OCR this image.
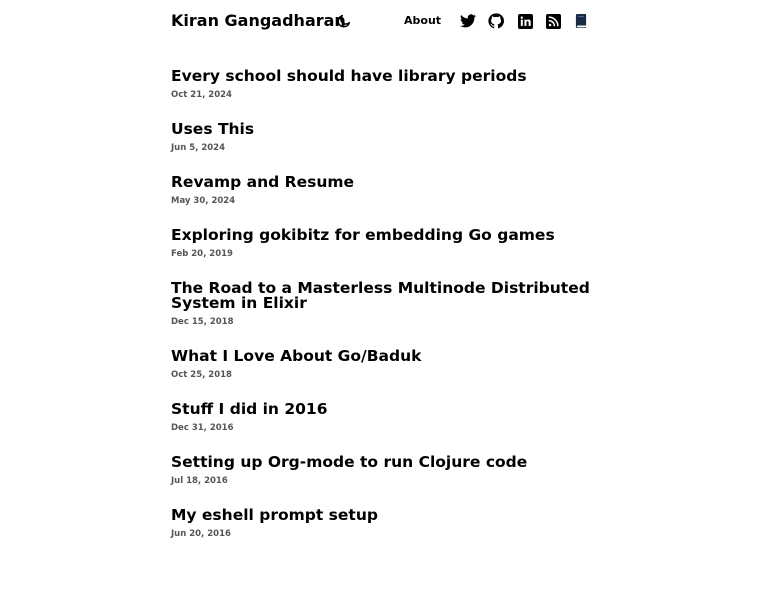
Kiran Gangadharan	About
Every school should have library periods
Oct 21, 2024
Uses This
Jun 5, 2024
Revamp and Resume
May 30, 2024
Exploring gokibitz for embedding Go games
Feb 20, 2019
The Road to a Masterless Multinode Distributed System in Elixir
Dec 15, 2018
What I Love About Go/Baduk
Oct 25, 2018
Stuff I did in 2016
Dec 31, 2016
Setting up Org-mode to run Clojure code
Jul 18, 2016
My eshell prompt setup
Jun 20, 2016
